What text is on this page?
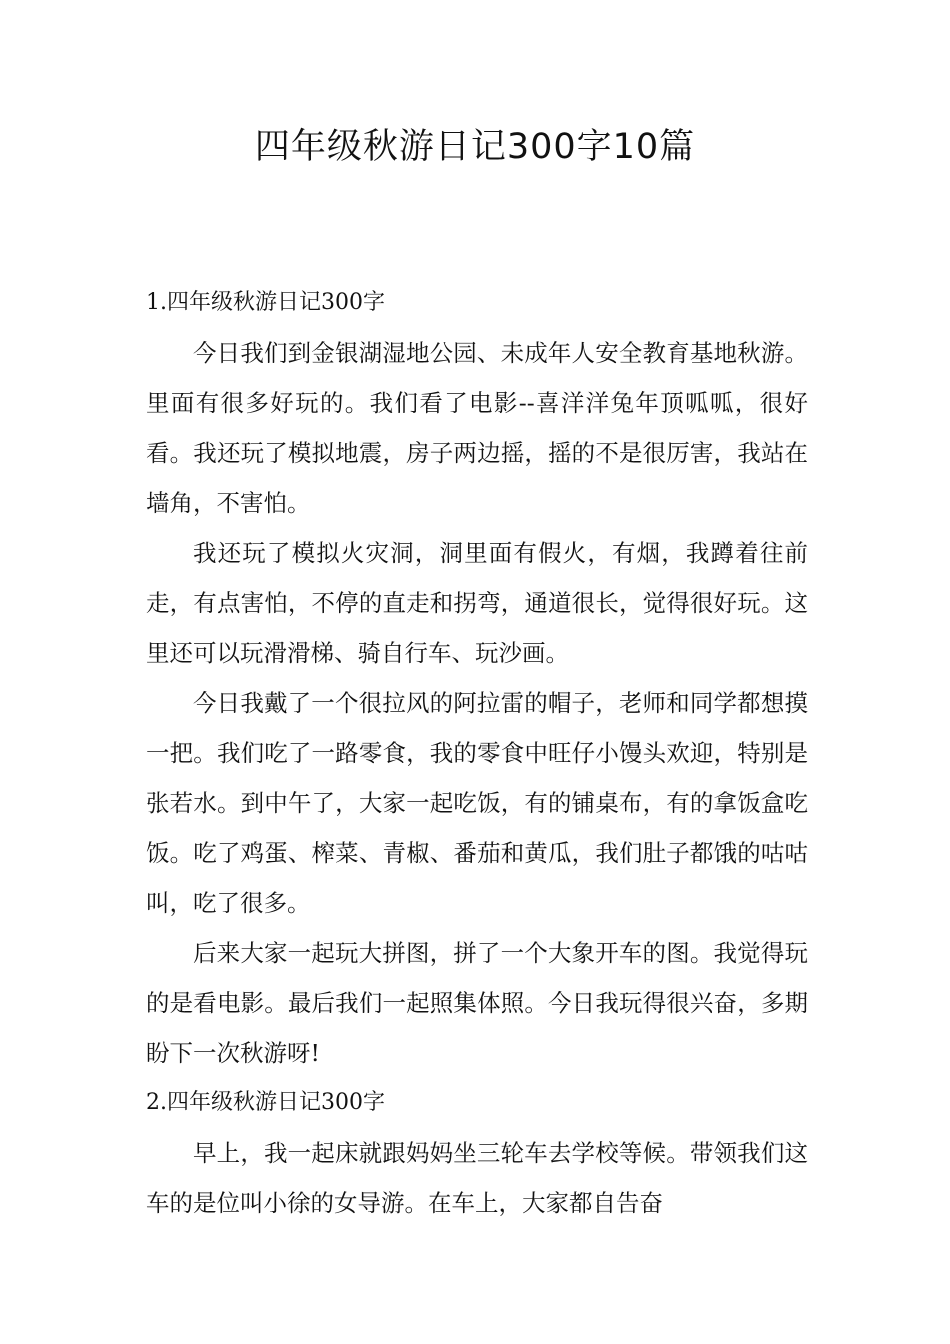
四年级秋游日记300字10篇
1.四年级秋游日记300字

今日我们到金银湖湿地公园、未成年人安全教育基地秋游。里面有很多好玩的。我们看了电影--喜洋洋兔年顶呱呱，很好看。我还玩了模拟地震，房子两边摇，摇的不是很厉害，我站在墙角，不害怕。

我还玩了模拟火灾洞，洞里面有假火，有烟，我蹲着往前走，有点害怕，不停的直走和拐弯，通道很长，觉得很好玩。这里还可以玩滑滑梯、骑自行车、玩沙画。

今日我戴了一个很拉风的阿拉雷的帽子，老师和同学都想摸一把。我们吃了一路零食，我的零食中旺仔小馒头欢迎，特别是张若水。到中午了，大家一起吃饭，有的铺桌布，有的拿饭盒吃饭。吃了鸡蛋、榨菜、青椒、番茄和黄瓜，我们肚子都饿的咕咕叫，吃了很多。

后来大家一起玩大拼图，拼了一个大象开车的图。我觉得玩的是看电影。最后我们一起照集体照。今日我玩得很兴奋，多期盼下一次秋游呀!

2.四年级秋游日记300字

早上，我一起床就跟妈妈坐三轮车去学校等候。带领我们这车的是位叫小徐的女导游。在车上，大家都自告奋
